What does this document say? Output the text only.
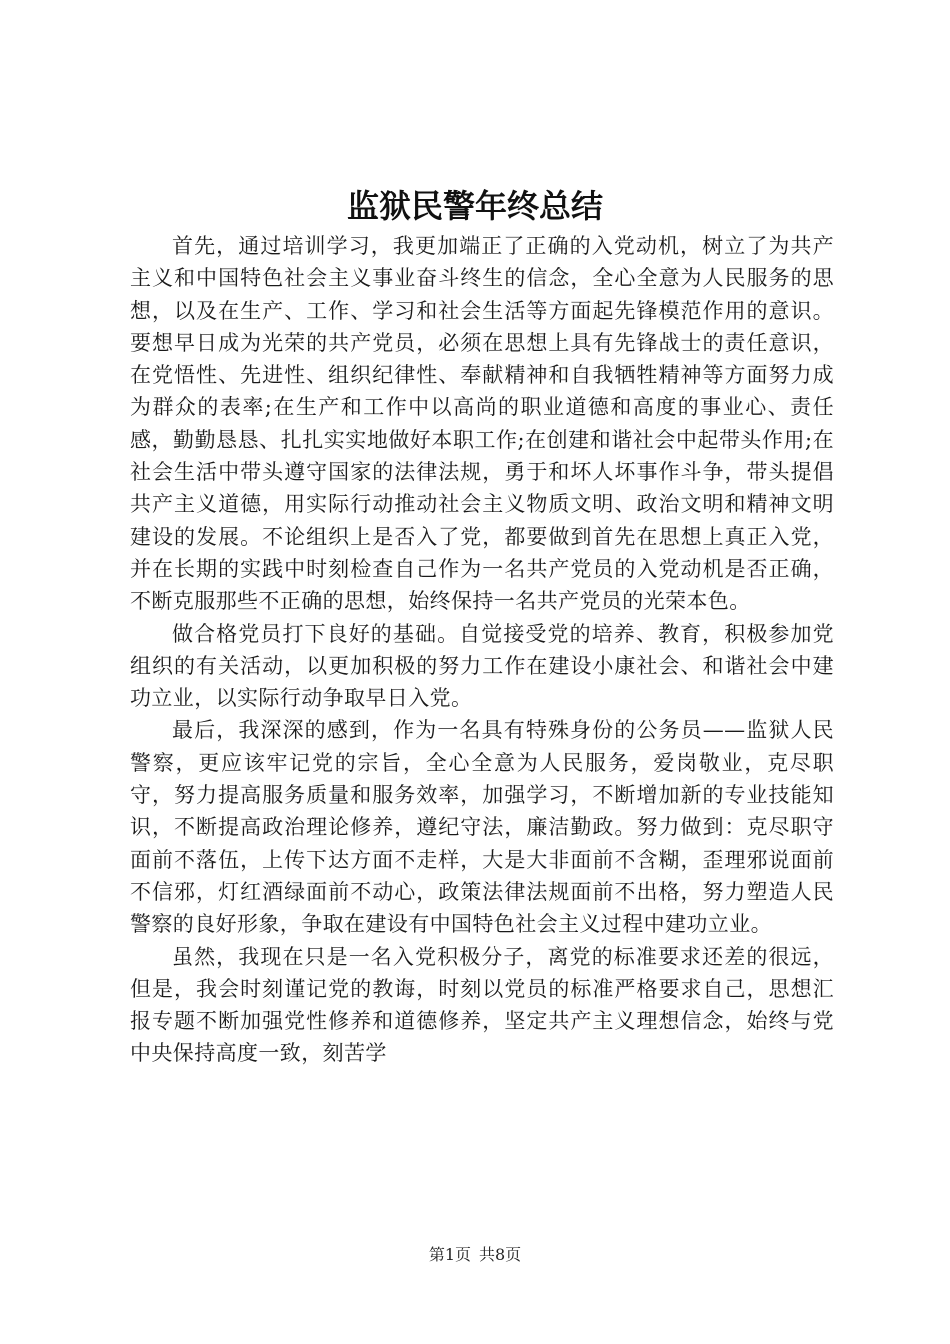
监狱民警年终总结

首先，通过培训学习，我更加端正了正确的入党动机，树立了为共产主义和中国特色社会主义事业奋斗终生的信念，全心全意为人民服务的思想，以及在生产、工作、学习和社会生活等方面起先锋模范作用的意识。要想早日成为光荣的共产党员，必须在思想上具有先锋战士的责任意识，在党悟性、先进性、组织纪律性、奉献精神和自我牺牲精神等方面努力成为群众的表率;在生产和工作中以高尚的职业道德和高度的事业心、责任感，勤勤恳恳、扎扎实实地做好本职工作;在创建和谐社会中起带头作用;在社会生活中带头遵守国家的法律法规，勇于和坏人坏事作斗争，带头提倡共产主义道德，用实际行动推动社会主义物质文明、政治文明和精神文明建设的发展。不论组织上是否入了党，都要做到首先在思想上真正入党，并在长期的实践中时刻检查自己作为一名共产党员的入党动机是否正确，不断克服那些不正确的思想，始终保持一名共产党员的光荣本色。

做合格党员打下良好的基础。自觉接受党的培养、教育，积极参加党组织的有关活动，以更加积极的努力工作在建设小康社会、和谐社会中建功立业，以实际行动争取早日入党。

最后，我深深的感到，作为一名具有特殊身份的公务员——监狱人民警察，更应该牢记党的宗旨，全心全意为人民服务，爱岗敬业，克尽职守，努力提高服务质量和服务效率，加强学习，不断增加新的专业技能知识，不断提高政治理论修养，遵纪守法，廉洁勤政。努力做到：克尽职守面前不落伍，上传下达方面不走样，大是大非面前不含糊，歪理邪说面前不信邪，灯红酒绿面前不动心，政策法律法规面前不出格，努力塑造人民警察的良好形象，争取在建设有中国特色社会主义过程中建功立业。

虽然，我现在只是一名入党积极分子，离党的标准要求还差的很远，但是，我会时刻谨记党的教诲，时刻以党员的标准严格要求自己，思想汇报专题不断加强党性修养和道德修养，坚定共产主义理想信念，始终与党中央保持高度一致，刻苦学

第1页 共8页
